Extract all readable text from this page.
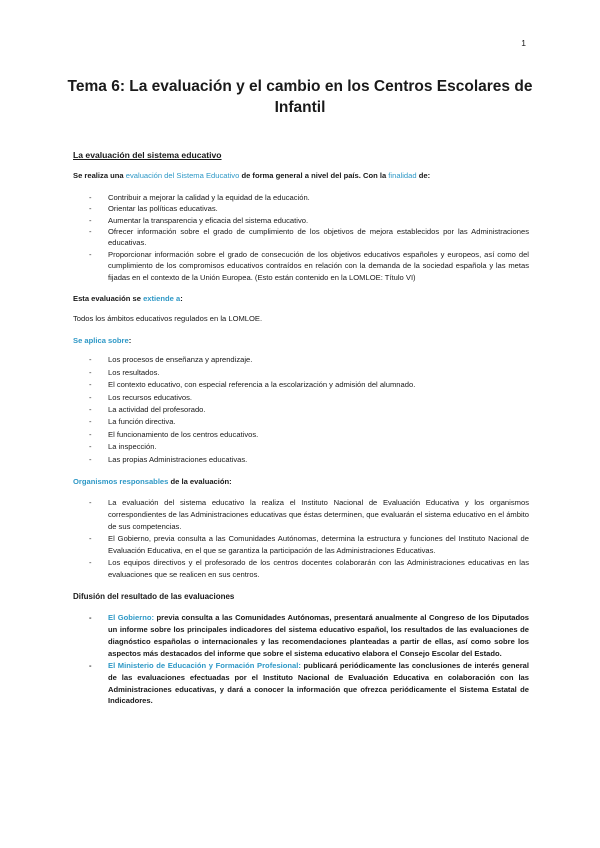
1
Tema 6: La evaluación y el cambio en los Centros Escolares de Infantil

La evaluación del sistema educativo

Se realiza una evaluación del Sistema Educativo de forma general a nivel del país. Con la finalidad de:

- Contribuir a mejorar la calidad y la equidad de la educación.
- Orientar las políticas educativas.
- Aumentar la transparencia y eficacia del sistema educativo.
- Ofrecer información sobre el grado de cumplimiento de los objetivos de mejora establecidos por las Administraciones educativas.
- Proporcionar información sobre el grado de consecución de los objetivos educativos españoles y europeos, así como del cumplimiento de los compromisos educativos contraídos en relación con la demanda de la sociedad española y las metas fijadas en el contexto de la Unión Europea. (Esto están contenido en la LOMLOE: Título VI)

Esta evaluación se extiende a:

Todos los ámbitos educativos regulados en la LOMLOE.

Se aplica sobre:

- Los procesos de enseñanza y aprendizaje.
- Los resultados.
- El contexto educativo, con especial referencia a la escolarización y admisión del alumnado.
- Los recursos educativos.
- La actividad del profesorado.
- La función directiva.
- El funcionamiento de los centros educativos.
- La inspección.
- Las propias Administraciones educativas.

Organismos responsables de la evaluación:

- La evaluación del sistema educativo la realiza el Instituto Nacional de Evaluación Educativa y los organismos correspondientes de las Administraciones educativas que éstas determinen, que evaluarán el sistema educativo en el ámbito de sus competencias.
- El Gobierno, previa consulta a las Comunidades Autónomas, determina la estructura y funciones del Instituto Nacional de Evaluación Educativa, en el que se garantiza la participación de las Administraciones Educativas.
- Los equipos directivos y el profesorado de los centros docentes colaborarán con las Administraciones educativas en las evaluaciones que se realicen en sus centros.

Difusión del resultado de las evaluaciones

- El Gobierno: previa consulta a las Comunidades Autónomas, presentará anualmente al Congreso de los Diputados un informe sobre los principales indicadores del sistema educativo español, los resultados de las evaluaciones de diagnóstico españolas o internacionales y las recomendaciones planteadas a partir de ellas, así como sobre los aspectos más destacados del informe que sobre el sistema educativo elabora el Consejo Escolar del Estado.
- El Ministerio de Educación y Formación Profesional: publicará periódicamente las conclusiones de interés general de las evaluaciones efectuadas por el Instituto Nacional de Evaluación Educativa en colaboración con las Administraciones educativas, y dará a conocer la información que ofrezca periódicamente el Sistema Estatal de Indicadores.
